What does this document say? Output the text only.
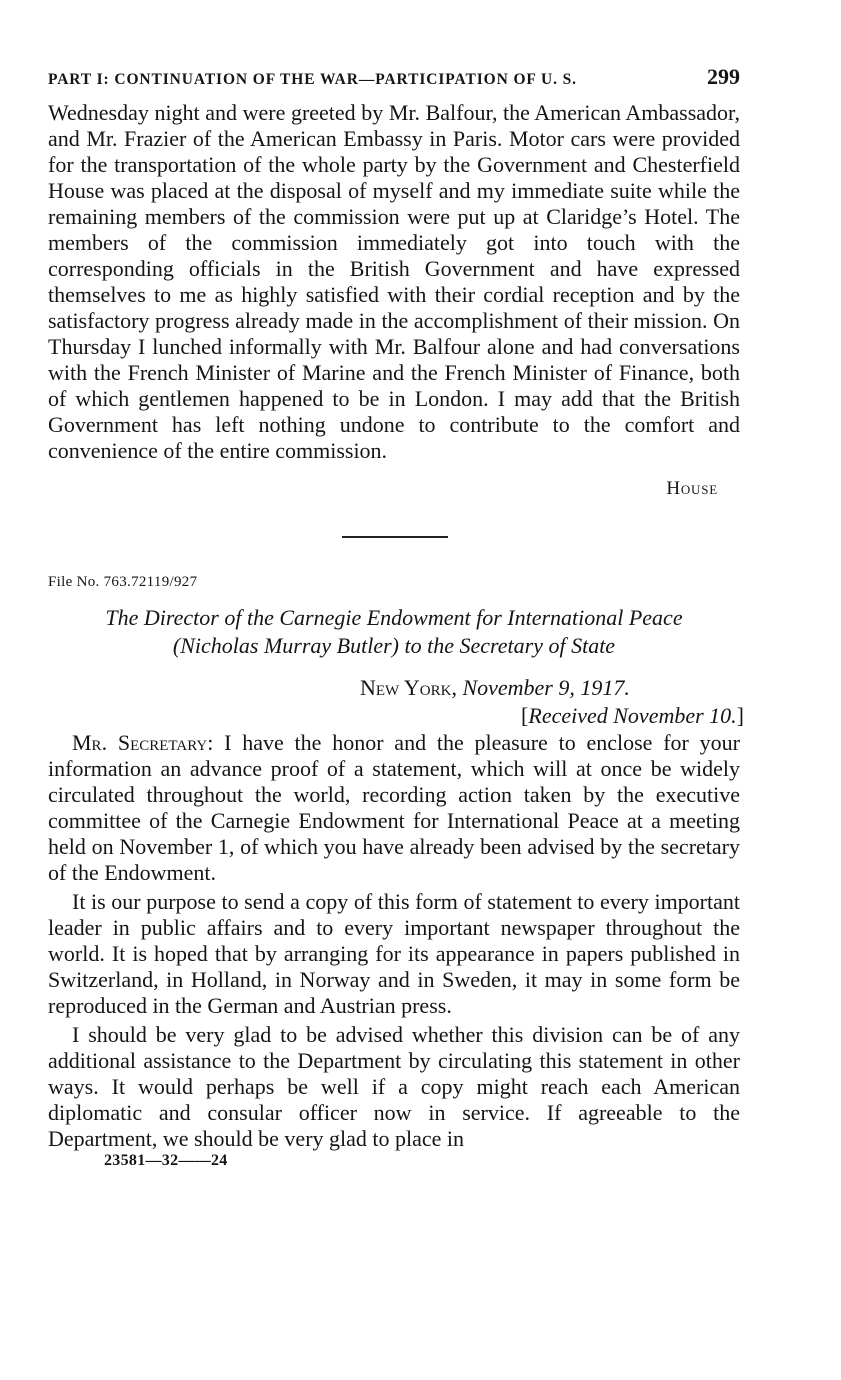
PART I: CONTINUATION OF THE WAR—PARTICIPATION OF U. S.	299

Wednesday night and were greeted by Mr. Balfour, the American Ambassador, and Mr. Frazier of the American Embassy in Paris. Motor cars were provided for the transportation of the whole party by the Government and Chesterfield House was placed at the disposal of myself and my immediate suite while the remaining members of the commission were put up at Claridge’s Hotel. The members of the commission immediately got into touch with the corresponding officials in the British Government and have expressed themselves to me as highly satisfied with their cordial reception and by the satisfactory progress already made in the accomplishment of their mission. On Thursday I lunched informally with Mr. Balfour alone and had conversations with the French Minister of Marine and the French Minister of Finance, both of which gentlemen happened to be in London. I may add that the British Government has left nothing undone to contribute to the comfort and convenience of the entire commission.

House
File No. 763.72119/927
The Director of the Carnegie Endowment for International Peace
(Nicholas Murray Butler) to the Secretary of State
New York, November 9, 1917.
[Received November 10.]

Mr. Secretary: I have the honor and the pleasure to enclose for your information an advance proof of a statement, which will at once be widely circulated throughout the world, recording action taken by the executive committee of the Carnegie Endowment for International Peace at a meeting held on November 1, of which you have already been advised by the secretary of the Endowment.

It is our purpose to send a copy of this form of statement to every important leader in public affairs and to every important newspaper throughout the world. It is hoped that by arranging for its appearance in papers published in Switzerland, in Holland, in Norway and in Sweden, it may in some form be reproduced in the German and Austrian press.

I should be very glad to be advised whether this division can be of any additional assistance to the Department by circulating this statement in other ways. It would perhaps be well if a copy might reach each American diplomatic and consular officer now in service. If agreeable to the Department, we should be very glad to place in

23581—32——24
